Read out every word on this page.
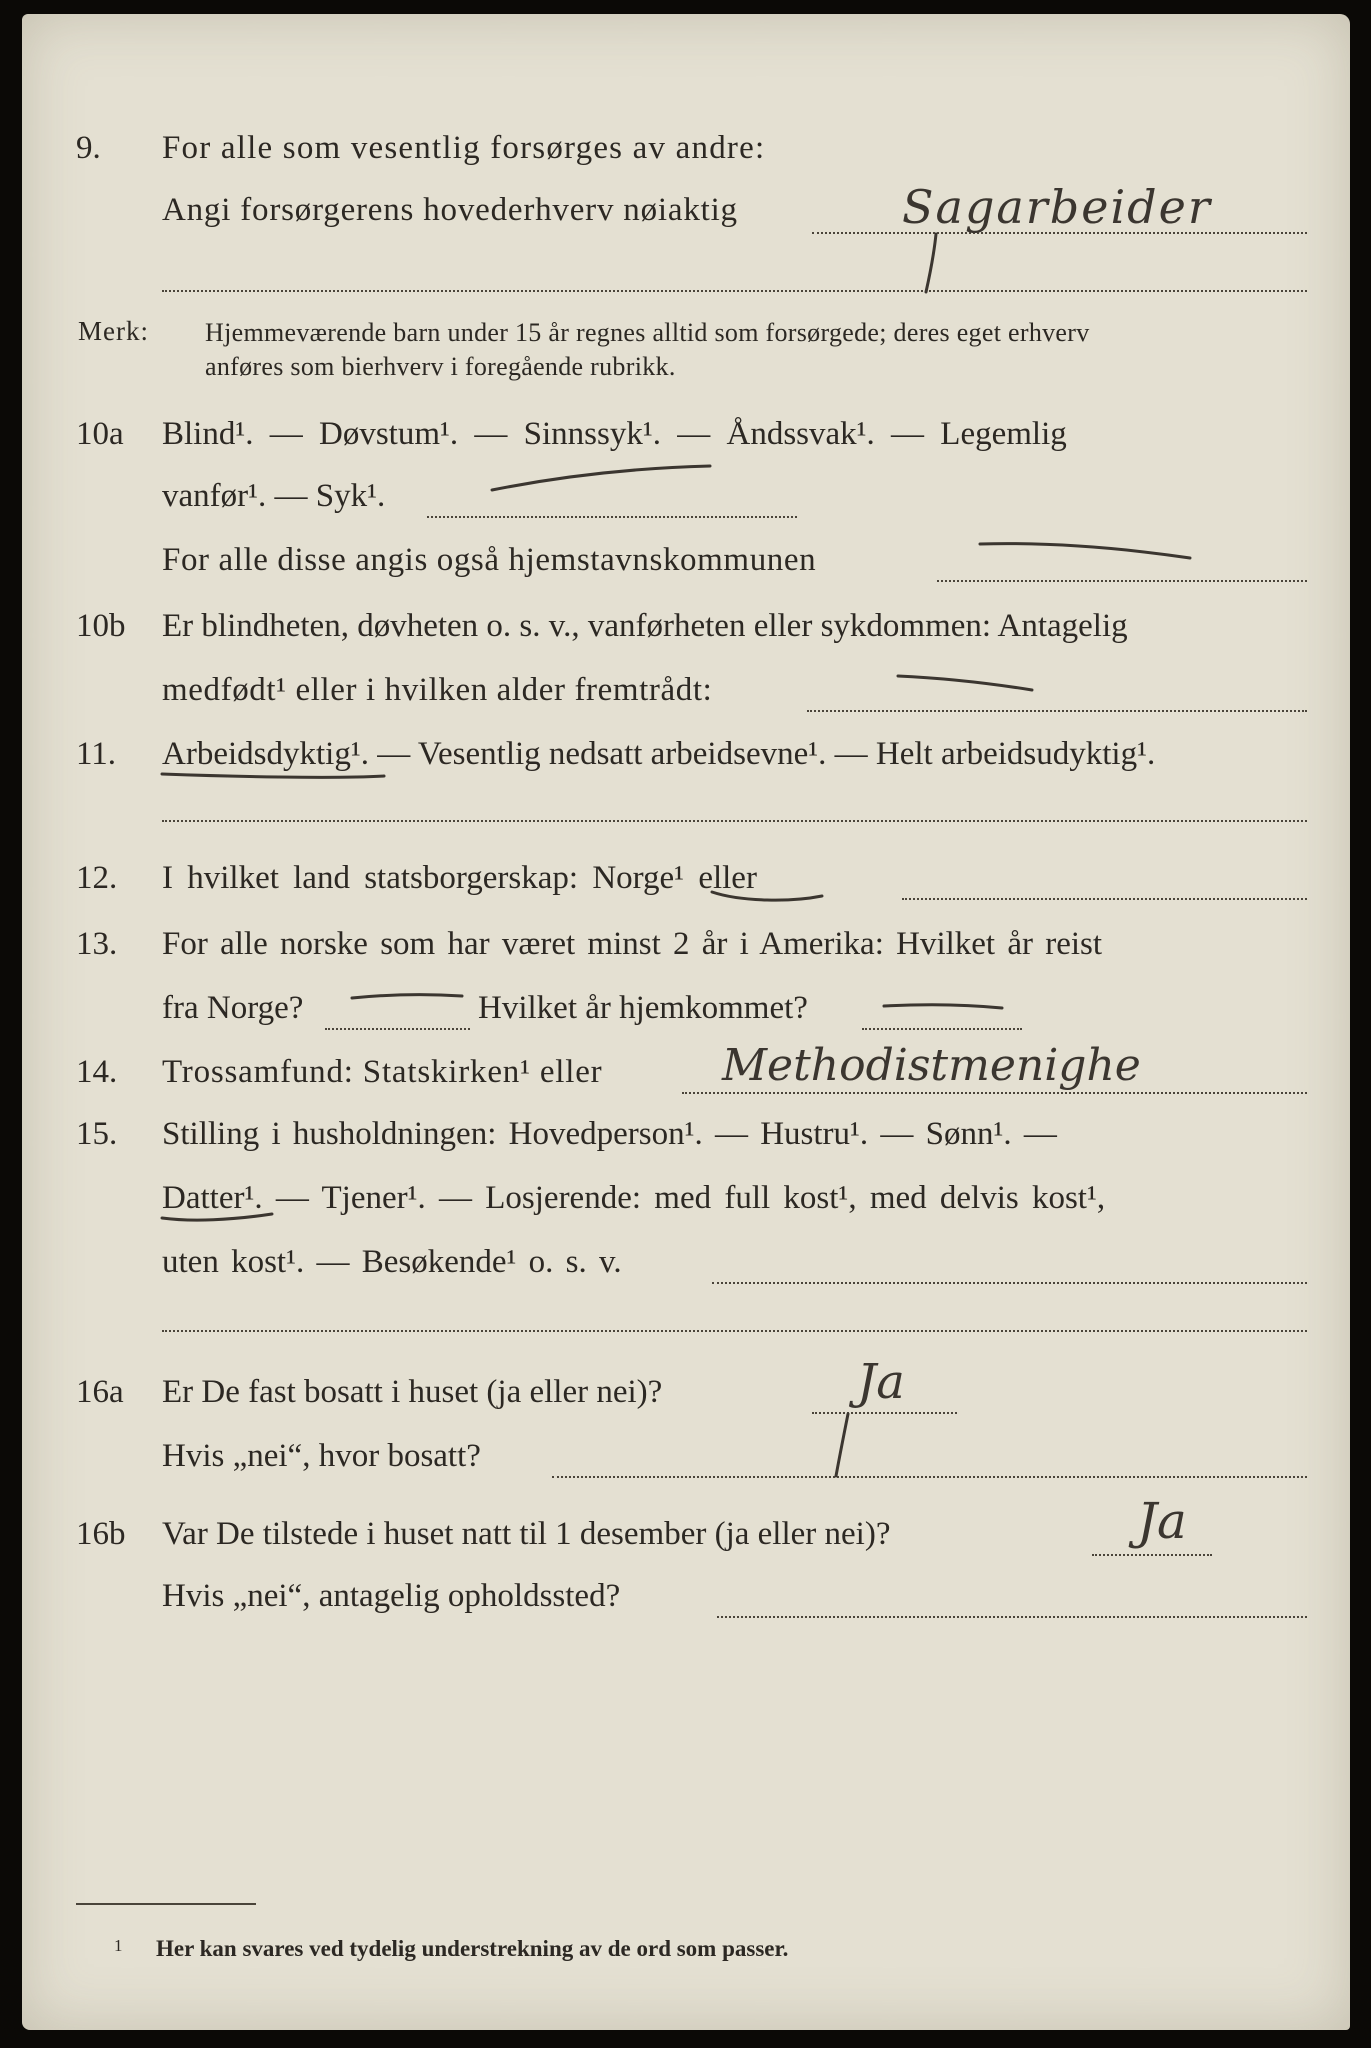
9. For alle som vesentlig forsørges av andre:
Angi forsørgerens hovederhverv nøiaktig	Sagarbeider
Merk: Hjemmeværende barn under 15 år regnes alltid som forsørgede; deres eget erhverv
anføres som bierhverv i foregående rubrikk.
10a Blind¹. — Døvstum¹. — Sinnssyk¹. — Åndssvak¹. — Legemlig
vanfør¹. — Syk¹.
For alle disse angis også hjemstavnskommunen
10b Er blindheten, døvheten o. s. v., vanførheten eller sykdommen: Antagelig
medfødt¹ eller i hvilken alder fremtrådt:
11. Arbeidsdyktig¹. — Vesentlig nedsatt arbeidsevne¹. — Helt arbeidsudyktig¹.
12. I hvilket land statsborgerskap: Norge¹ eller
13. For alle norske som har været minst 2 år i Amerika: Hvilket år reist
fra Norge?	Hvilket år hjemkommet?
14. Trossamfund: Statskirken¹ eller	Methodistmenighe
15. Stilling i husholdningen: Hovedperson¹. — Hustru¹. — Sønn¹. —
Datter¹. — Tjener¹. — Losjerende: med full kost¹, med delvis kost¹,
uten kost¹. — Besøkende¹ o. s. v.
16a Er De fast bosatt i huset (ja eller nei)?	Ja
Hvis „nei“, hvor bosatt?
16b Var De tilstede i huset natt til 1 desember (ja eller nei)?	Ja
Hvis „nei“, antagelig opholdssted?
1 Her kan svares ved tydelig understrekning av de ord som passer.
